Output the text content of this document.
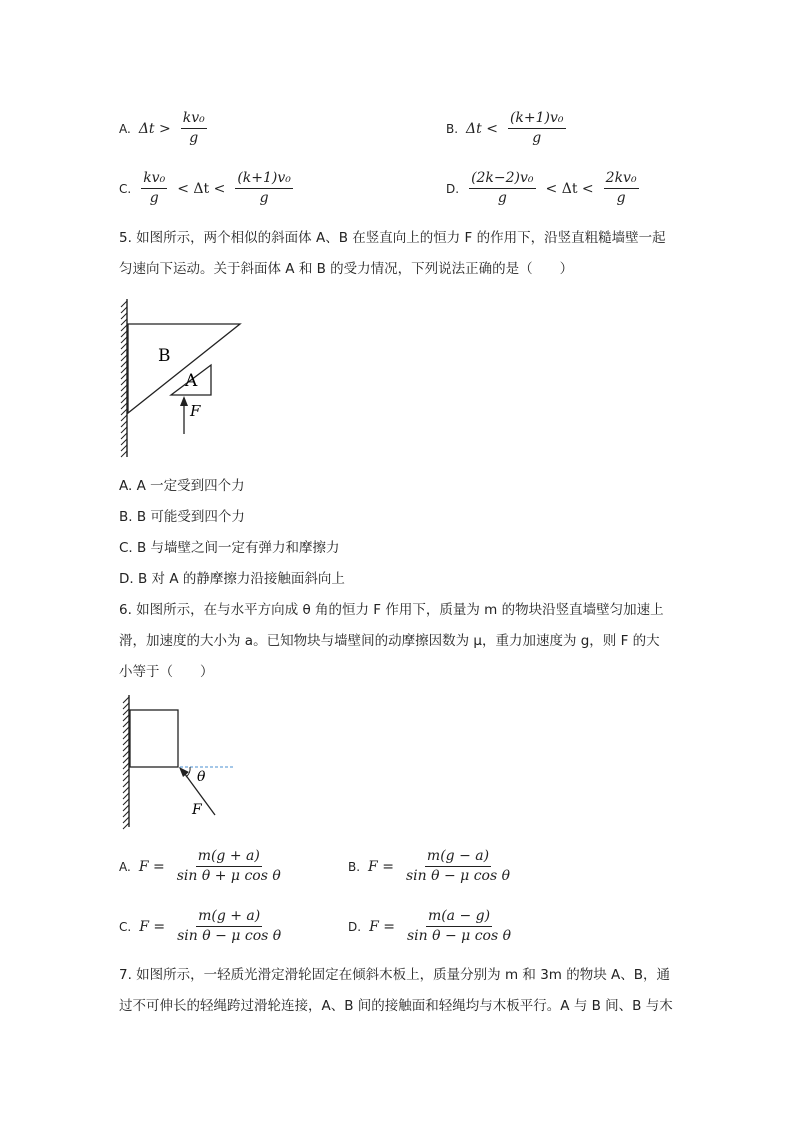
A. $\Delta t > \frac{\text{kv₀}}{g}$	B. $\Delta t < \frac{\text{(k+1)v₀}}{g}$
C. $\frac{\text{kv₀}}{g} < \Delta t < \frac{\text{(k+1)v₀}}{g}$	D. $\frac{\text{(2k−2)v₀}}{g} < \Delta t < \frac{\text{2kv₀}}{g}$
5. 如图所示，两个相似的斜面体 A、B 在竖直向上的恒力 F 的作用下，沿竖直粗糙墙壁一起
匀速向下运动。关于斜面体 A 和 B 的受力情况，下列说法正确的是（　　）
B
A
F
A. A 一定受到四个力
B. B 可能受到四个力
C. B 与墙壁之间一定有弹力和摩擦力
D. B 对 A 的静摩擦力沿接触面斜向上
6. 如图所示，在与水平方向成 θ 角的恒力 F 作用下，质量为 m 的物块沿竖直墙壁匀加速上
滑，加速度的大小为 a。已知物块与墙壁间的动摩擦因数为 μ，重力加速度为 g，则 F 的大
小等于（　　）
θ
F
A. $F = \frac{m(g + a)}{\text{sin θ + μ cos θ}}$	B. $F = \frac{m(g - a)}{\text{sin θ − μ cos θ}}$
C. $F = \frac{m(g + a)}{\text{sin θ − μ cos θ}}$	D. $F = \frac{m(a - g)}{\text{sin θ − μ cos θ}}$
7. 如图所示，一轻质光滑定滑轮固定在倾斜木板上，质量分别为 m 和 3m 的物块 A、B，通
过不可伸长的轻绳跨过滑轮连接，A、B 间的接触面和轻绳均与木板平行。A 与 B 间、B 与木
